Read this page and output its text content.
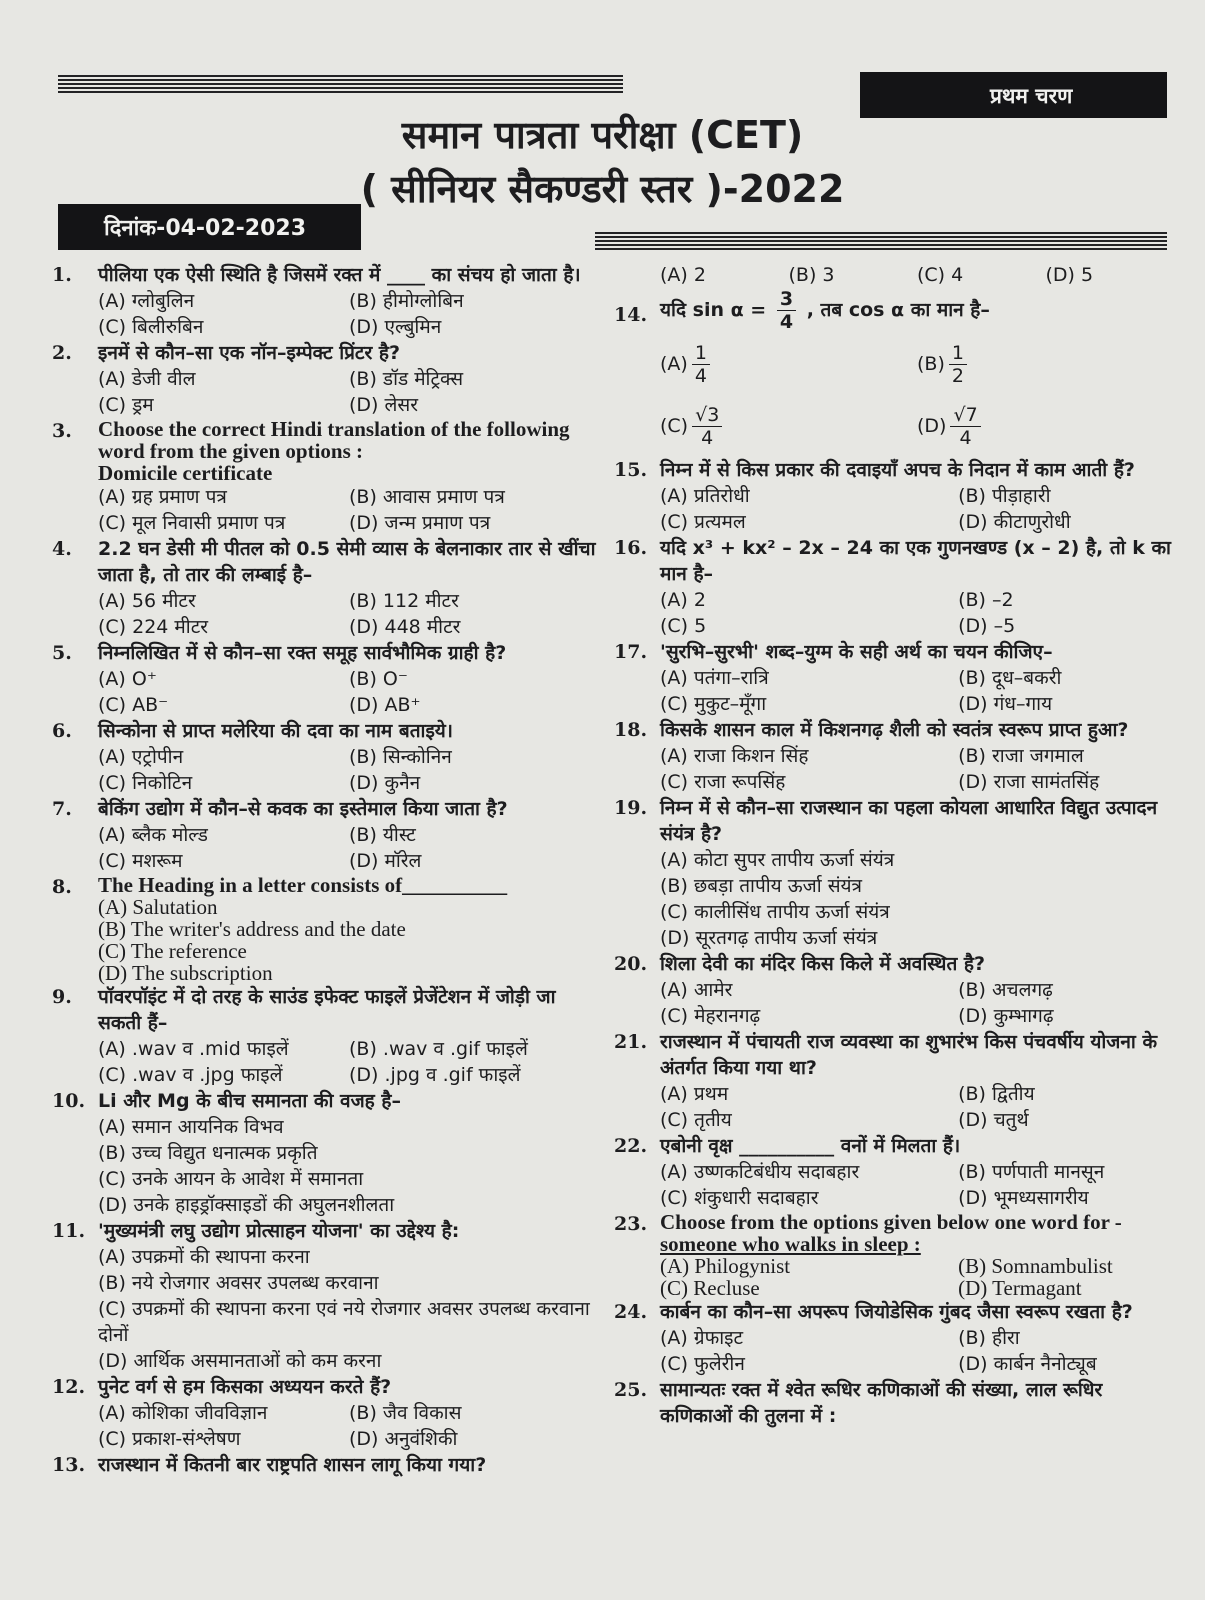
प्रथम चरण
समान पात्रता परीक्षा (CET)
( सीनियर सैकण्डरी स्तर )-2022
दिनांक-04-02-2023
1.	पीलिया एक ऐसी स्थिति है जिसमें रक्त में ____ का संचय हो जाता है।
(A) ग्लोबुलिन	(B) हीमोग्लोबिन
(C) बिलीरुबिन	(D) एल्बुमिन
2.	इनमें से कौन–सा एक नॉन–इम्पेक्ट प्रिंटर है?
(A) डेजी वील	(B) डॉड मेट्रिक्स
(C) ड्रम	(D) लेसर
3.	Choose the correct Hindi translation of the following word from the given options :
Domicile certificate
(A) ग्रह प्रमाण पत्र	(B) आवास प्रमाण पत्र
(C) मूल निवासी प्रमाण पत्र	(D) जन्म प्रमाण पत्र
4.	2.2 घन डेसी मी पीतल को 0.5 सेमी व्यास के बेलनाकार तार से खींचा जाता है, तो तार की लम्बाई है–
(A) 56 मीटर	(B) 112 मीटर
(C) 224 मीटर	(D) 448 मीटर
5.	निम्नलिखित में से कौन–सा रक्त समूह सार्वभौमिक ग्राही है?
(A) O⁺	(B) O⁻
(C) AB⁻	(D) AB⁺
6.	सिन्कोना से प्राप्त मलेरिया की दवा का नाम बताइये।
(A) एट्रोपीन	(B) सिन्कोनिन
(C) निकोटिन	(D) कुनैन
7.	बेकिंग उद्योग में कौन–से कवक का इस्तेमाल किया जाता है?
(A) ब्लैक मोल्ड	(B) यीस्ट
(C) मशरूम	(D) मॉरेल
8.	The Heading in a letter consists of__________
(A) Salutation
(B) The writer's address and the date
(C) The reference
(D) The subscription
9.	पॉवरपॉइंट में दो तरह के साउंड इफेक्ट फाइलें प्रेजेंटेशन में जोड़ी जा सकती हैं–
(A) .wav व .mid फाइलें	(B) .wav व .gif फाइलें
(C) .wav व .jpg फाइलें	(D) .jpg व .gif फाइलें
10. Li और Mg के बीच समानता की वजह है–
(A) समान आयनिक विभव
(B) उच्च विद्युत धनात्मक प्रकृति
(C) उनके आयन के आवेश में समानता
(D) उनके हाइड्रॉक्साइडों की अघुलनशीलता
11. 'मुख्यमंत्री लघु उद्योग प्रोत्साहन योजना' का उद्देश्य है:
(A) उपक्रमों की स्थापना करना
(B) नये रोजगार अवसर उपलब्ध करवाना
(C) उपक्रमों की स्थापना करना एवं नये रोजगार अवसर उपलब्ध करवाना दोनों
(D) आर्थिक असमानताओं को कम करना
12. पुनेट वर्ग से हम किसका अध्ययन करते हैं?
(A) कोशिका जीवविज्ञान	(B) जैव विकास
(C) प्रकाश-संश्लेषण	(D) अनुवंशिकी
13. राजस्थान में कितनी बार राष्ट्रपति शासन लागू किया गया?
(A) 2	(B) 3	(C) 4	(D) 5
14. यदि $\sin \alpha = \frac{3}{4}$ , तब cos α का मान है–
$(A) \frac{1}{4}$	$(B) \frac{1}{2}$
$(C) \frac{√3}{4}$	$(D) \frac{√7}{4}$
15. निम्न में से किस प्रकार की दवाइयाँ अपच के निदान में काम आती हैं?
(A) प्रतिरोधी	(B) पीड़ाहारी
(C) प्रत्यमल	(D) कीटाणुरोधी
16. यदि x³ + kx² – 2x – 24 का एक गुणनखण्ड (x – 2) है, तो k का मान है–
(A) 2	(B) –2
(C) 5	(D) –5
17. 'सुरभि–सुरभी' शब्द–युग्म के सही अर्थ का चयन कीजिए–
(A) पतंगा–रात्रि	(B) दूध–बकरी
(C) मुकुट–मूँगा	(D) गंध–गाय
18. किसके शासन काल में किशनगढ़ शैली को स्वतंत्र स्वरूप प्राप्त हुआ?
(A) राजा किशन सिंह	(B) राजा जगमाल
(C) राजा रूपसिंह	(D) राजा सामंतसिंह
19. निम्न में से कौन–सा राजस्थान का पहला कोयला आधारित विद्युत उत्पादन संयंत्र है?
(A) कोटा सुपर तापीय ऊर्जा संयंत्र
(B) छबड़ा तापीय ऊर्जा संयंत्र
(C) कालीसिंध तापीय ऊर्जा संयंत्र
(D) सूरतगढ़ तापीय ऊर्जा संयंत्र
20. शिला देवी का मंदिर किस किले में अवस्थित है?
(A) आमेर	(B) अचलगढ़
(C) मेहरानगढ़	(D) कुम्भागढ़
21. राजस्थान में पंचायती राज व्यवस्था का शुभारंभ किस पंचवर्षीय योजना के अंतर्गत किया गया था?
(A) प्रथम	(B) द्वितीय
(C) तृतीय	(D) चतुर्थ
22. एबोनी वृक्ष __________ वनों में मिलता हैं।
(A) उष्णकटिबंधीय सदाबहार	(B) पर्णपाती मानसून
(C) शंकुधारी सदाबहार	(D) भूमध्यसागरीय
23. Choose from the options given below one word for -
someone who walks in sleep :
(A) Philogynist	(B) Somnambulist
(C) Recluse	(D) Termagant
24. कार्बन का कौन–सा अपरूप जियोडेसिक गुंबद जैसा स्वरूप रखता है?
(A) ग्रेफाइट	(B) हीरा
(C) फुलेरीन	(D) कार्बन नैनोट्यूब
25. सामान्यतः रक्त में श्वेत रूधिर कणिकाओं की संख्या, लाल रूधिर कणिकाओं की तुलना में :
